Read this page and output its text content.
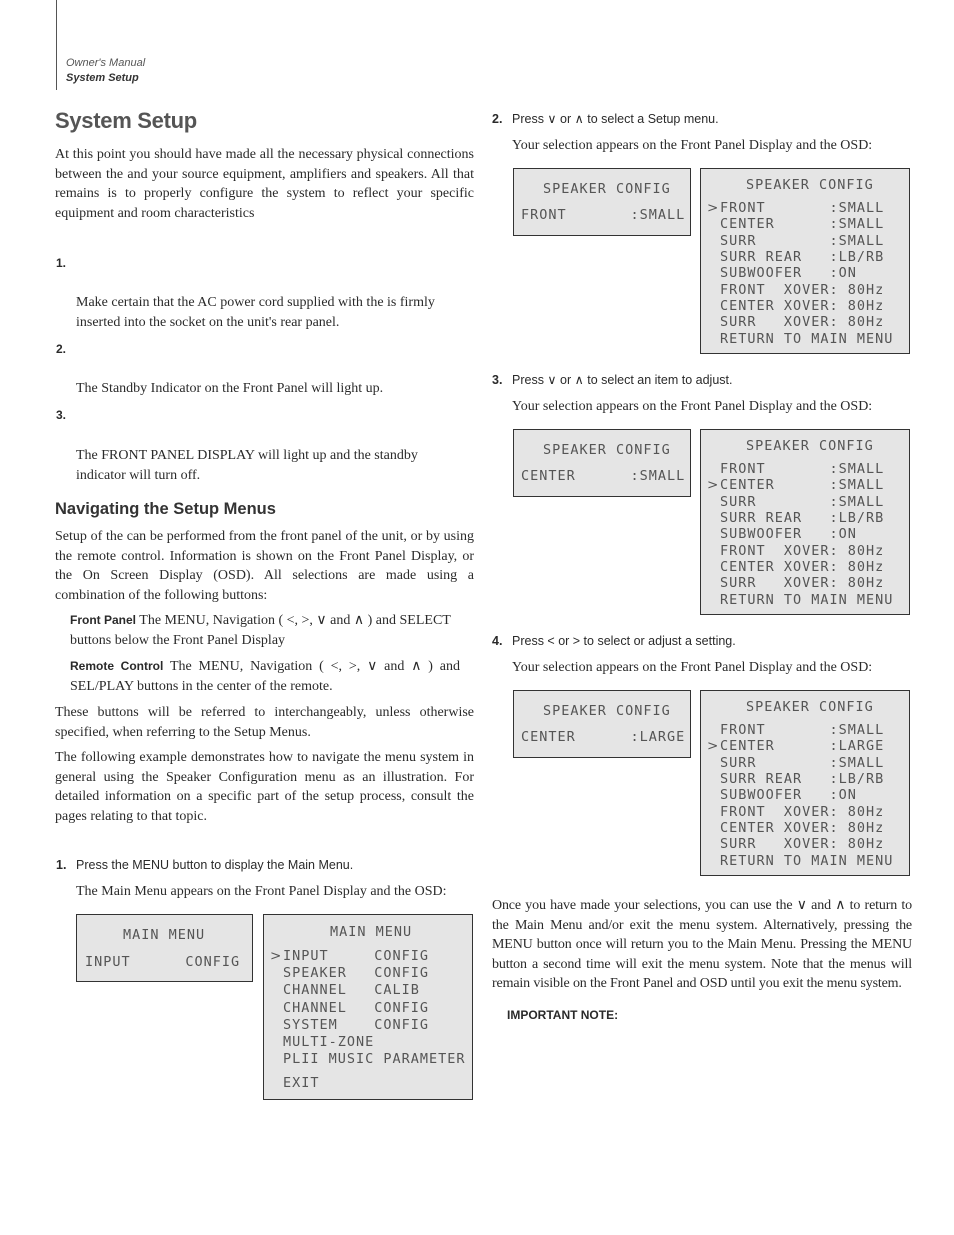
Owner's Manual
System Setup
System Setup
At this point you should have made all the necessary physical connections between the and your source equipment, amplifiers and speakers. All that remains is to properly configure the system to reflect your specific equipment and room characteristics
1.
Make certain that the AC power cord supplied with the is firmly inserted into the socket on the unit's rear panel.
2.
The Standby Indicator on the Front Panel will light up.
3.
The FRONT PANEL DISPLAY will light up and the standby indicator will turn off.
Navigating the Setup Menus
Setup of the can be performed from the front panel of the unit, or by using the remote control. Information is shown on the Front Panel Display, or the On Screen Display (OSD). All selections are made using a combination of the following buttons:
Front Panel The MENU, Navigation ( <, >, ∨ and ∧ ) and SELECT buttons below the Front Panel Display
Remote Control The MENU, Navigation ( <, >, ∨ and ∧ ) and SEL/PLAY buttons in the center of the remote.
These buttons will be referred to interchangeably, unless otherwise specified, when referring to the Setup Menus.
The following example demonstrates how to navigate the menu system in general using the Speaker Configuration menu as an illustration. For detailed information on a specific part of the setup process, consult the pages relating to that topic.
1. Press the MENU button to display the Main Menu.
The Main Menu appears on the Front Panel Display and the OSD:

MAIN MENU

INPUT      CONFIG

MAIN MENU

>

INPUT     CONFIG

SPEAKER   CONFIG

CHANNEL   CALIB

CHANNEL   CONFIG

SYSTEM    CONFIG

MULTI-ZONE

PLII MUSIC PARAMETER

EXIT

2. Press ∨ or ∧ to select a Setup menu.
Your selection appears on the Front Panel Display and the OSD:

SPEAKER CONFIG

FRONT       :SMALL

SPEAKER CONFIG

>

FRONT       :SMALL

CENTER      :SMALL

SURR        :SMALL

SURR REAR   :LB/RB

SUBWOOFER   :ON

FRONT  XOVER: 80Hz

CENTER XOVER: 80Hz

SURR   XOVER: 80Hz

RETURN TO MAIN MENU

3. Press ∨ or ∧ to select an item to adjust.
Your selection appears on the Front Panel Display and the OSD:

SPEAKER CONFIG

CENTER      :SMALL

SPEAKER CONFIG

>

FRONT       :SMALL

CENTER      :SMALL

SURR        :SMALL

SURR REAR   :LB/RB

SUBWOOFER   :ON

FRONT  XOVER: 80Hz

CENTER XOVER: 80Hz

SURR   XOVER: 80Hz

RETURN TO MAIN MENU

4. Press < or > to select or adjust a setting.
Your selection appears on the Front Panel Display and the OSD:

SPEAKER CONFIG

CENTER      :LARGE

SPEAKER CONFIG

>

FRONT       :SMALL

CENTER      :LARGE

SURR        :SMALL

SURR REAR   :LB/RB

SUBWOOFER   :ON

FRONT  XOVER: 80Hz

CENTER XOVER: 80Hz

SURR   XOVER: 80Hz

RETURN TO MAIN MENU

Once you have made your selections, you can use the ∨ and ∧ to return to the Main Menu and/or exit the menu system. Alternatively, pressing the MENU button once will return you to the Main Menu. Pressing the MENU button a second time will exit the menu system. Note that the menus will remain visible on the Front Panel and OSD until you exit the menu system.
IMPORTANT NOTE:
